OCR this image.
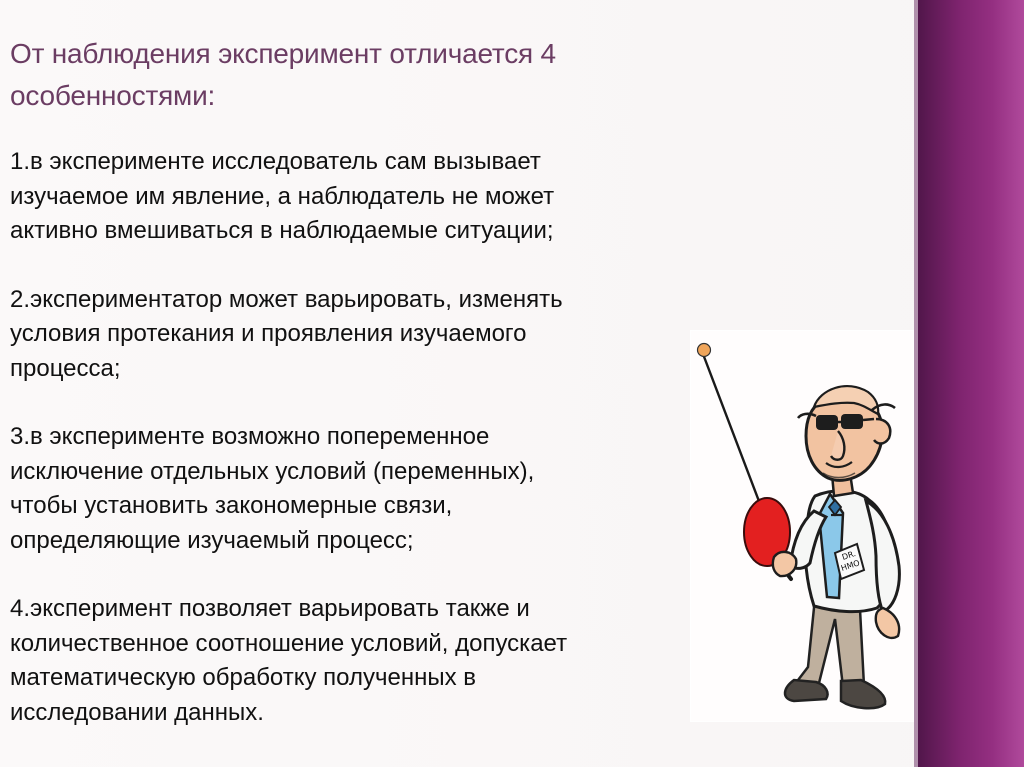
От наблюдения эксперимент отличается 4
особенностями:

1.в эксперименте исследователь сам вызывает
изучаемое им явление, а наблюдатель не может
активно вмешиваться в наблюдаемые ситуации;

2.экспериментатор может варьировать, изменять
условия протекания и проявления изучаемого
процесса;

3.в эксперименте возможно попеременное
исключение отдельных условий (переменных),
чтобы установить закономерные связи,
определяющие изучаемый процесс;

4.эксперимент позволяет варьировать также и
количественное соотношение условий, допускает
математическую обработку полученных в
исследовании данных.

DR.
HMO
